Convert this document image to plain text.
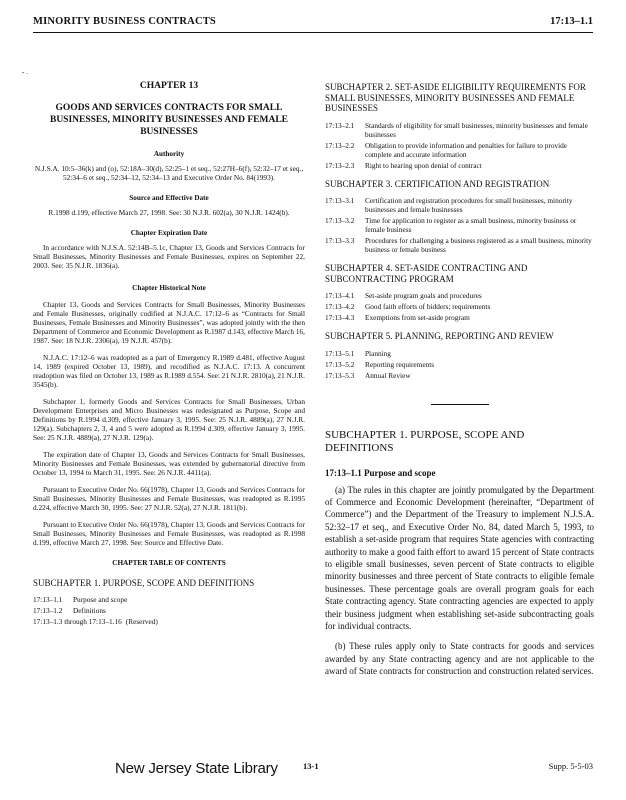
MINORITY BUSINESS CONTRACTS	17:13–1.1
- .
CHAPTER 13
GOODS AND SERVICES CONTRACTS FOR SMALL BUSINESSES, MINORITY BUSINESSES AND FEMALE BUSINESSES
Authority
N.J.S.A. 10:5–36(k) and (o), 52:18A–30(d), 52:25–1 et seq., 52:27H–6(f), 52:32–17 et seq., 52:34–6 et seq., 52:34–12, 52:34–13 and Executive Order No. 84(1993).
Source and Effective Date
R.1998 d.199, effective March 27, 1998. See: 30 N.J.R. 602(a), 30 N.J.R. 1424(b).
Chapter Expiration Date
In accordance with N.J.S.A. 52:14B–5.1c, Chapter 13, Goods and Services Contracts for Small Businesses, Minority Businesses and Female Businesses, expires on September 22, 2003. See: 35 N.J.R. 1836(a).
Chapter Historical Note
Chapter 13, Goods and Services Contracts for Small Businesses, Minority Businesses and Female Businesses, originally codified at N.J.A.C. 17:12–6 as “Contracts for Small Businesses, Female Businesses and Minority Businesses”, was adopted jointly with the then Department of Commerce and Economic Development as R.1987 d.143, effective March 16, 1987. See: 18 N.J.R. 2306(a), 19 N.J.R. 457(b).
N.J.A.C. 17:12–6 was readopted as a part of Emergency R.1989 d.481, effective August 14, 1989 (expired October 13, 1989), and recodified as N.J.A.C. 17:13. A concurrent readoption was filed on October 13, 1989 as R.1989 d.554. See: 21 N.J.R. 2810(a), 21 N.J.R. 3545(b).
Subchapter 1, formerly Goods and Services Contracts for Small Businesses, Urban Development Enterprises and Micro Businesses was redesignated as Purpose, Scope and Definitions by R.1994 d.309, effective January 3, 1995. See: 25 N.J.R. 4889(a), 27 N.J.R. 129(a). Subchapters 2, 3, 4 and 5 were adopted as R.1994 d.309, effective January 3, 1995. See: 25 N.J.R. 4889(a), 27 N.J.R. 129(a).
The expiration date of Chapter 13, Goods and Services Contracts for Small Businesses, Minority Businesses and Female Businesses, was extended by gubernatorial directive from October 13, 1994 to March 31, 1995. See: 26 N.J.R. 4411(a).
Pursuant to Executive Order No. 66(1978), Chapter 13, Goods and Services Contracts for Small Businesses, Minority Businesses and Female Businesses, was readopted as R.1995 d.224, effective March 30, 1995. See: 27 N.J.R. 52(a), 27 N.J.R. 1811(b).
Pursuant to Executive Order No. 66(1978), Chapter 13, Goods and Services Contracts for Small Businesses, Minority Businesses and Female Businesses, was readopted as R.1998 d.199, effective March 27, 1998. See: Source and Effective Date.
CHAPTER TABLE OF CONTENTS
SUBCHAPTER 1. PURPOSE, SCOPE AND DEFINITIONS
17:13–1.1	Purpose and scope
17:13–1.2	Definitions
17:13–1.3 through 17:13–1.16 (Reserved)
SUBCHAPTER 2. SET-ASIDE ELIGIBILITY REQUIREMENTS FOR SMALL BUSINESSES, MINORITY BUSINESSES AND FEMALE BUSINESSES
17:13–2.1	Standards of eligibility for small businesses, minority businesses and female businesses
17:13–2.2	Obligation to provide information and penalties for failure to provide complete and accurate information
17:13–2.3	Right to hearing upon denial of contract
SUBCHAPTER 3. CERTIFICATION AND REGISTRATION
17:13–3.1	Certification and registration procedures for small businesses, minority businesses and female businesses
17:13–3.2	Time for application to register as a small business, minority business or female business
17:13–3.3	Procedures for challenging a business registered as a small business, minority business or female business
SUBCHAPTER 4. SET-ASIDE CONTRACTING AND SUBCONTRACTING PROGRAM
17:13–4.1	Set-aside program goals and procedures
17:13–4.2	Good faith efforts of bidders; requirements
17:13–4.3	Exemptions from set-aside program
SUBCHAPTER 5. PLANNING, REPORTING AND REVIEW
17:13–5.1	Planning
17:13–5.2	Reporting requirements
17:13–5.3	Annual Review
SUBCHAPTER 1. PURPOSE, SCOPE AND DEFINITIONS
17:13–1.1 Purpose and scope
(a) The rules in this chapter are jointly promulgated by the Department of Commerce and Economic Development (hereinafter, “Department of Commerce”) and the Department of the Treasury to implement N.J.S.A. 52:32–17 et seq., and Executive Order No. 84, dated March 5, 1993, to establish a set-aside program that requires State agencies with contracting authority to make a good faith effort to award 15 percent of State contracts to eligible small businesses, seven percent of State contracts to eligible minority businesses and three percent of State contracts to eligible female businesses. These percentage goals are overall program goals for each State contracting agency. State contracting agencies are expected to apply their business judgment when establishing set-aside subcontracting goals for individual contracts.
(b) These rules apply only to State contracts for goods and services awarded by any State contracting agency and are not applicable to the award of State contracts for construction and construction related services.
New Jersey State Library	13-1	Supp. 5-5-03
